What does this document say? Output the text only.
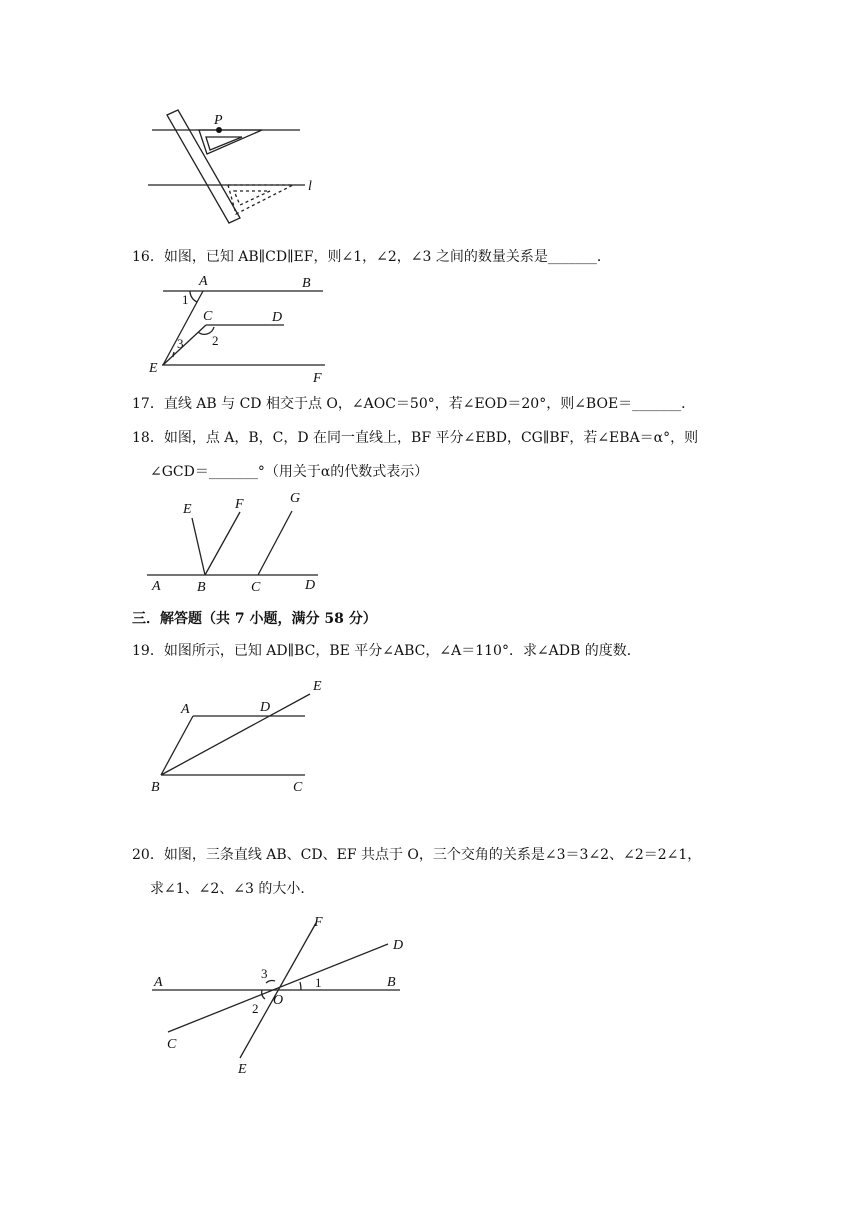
P
l
16．如图，已知 AB∥CD∥EF，则∠1，∠2，∠3 之间的数量关系是_______．
A	B
C	D
E
F
1
2
3
17．直线 AB 与 CD 相交于点 O，∠AOC＝50°，若∠EOD＝20°，则∠BOE＝_______．
18．如图，点 A，B，C，D 在同一直线上，BF 平分∠EBD，CG∥BF，若∠EBA＝α°，则
∠GCD＝_______°（用关于α的代数式表示）
A	B	C	D
E	F	G
三．解答题（共 7 小题，满分 58 分）
19．如图所示，已知 AD∥BC，BE 平分∠ABC，∠A＝110°．求∠ADB 的度数．
A
B	C
D
E
20．如图，三条直线 AB、CD、EF 共点于 O，三个交角的关系是∠3＝3∠2、∠2＝2∠1，
求∠1、∠2、∠3 的大小．
A	B
C
D
E
F
O
1
2
3
